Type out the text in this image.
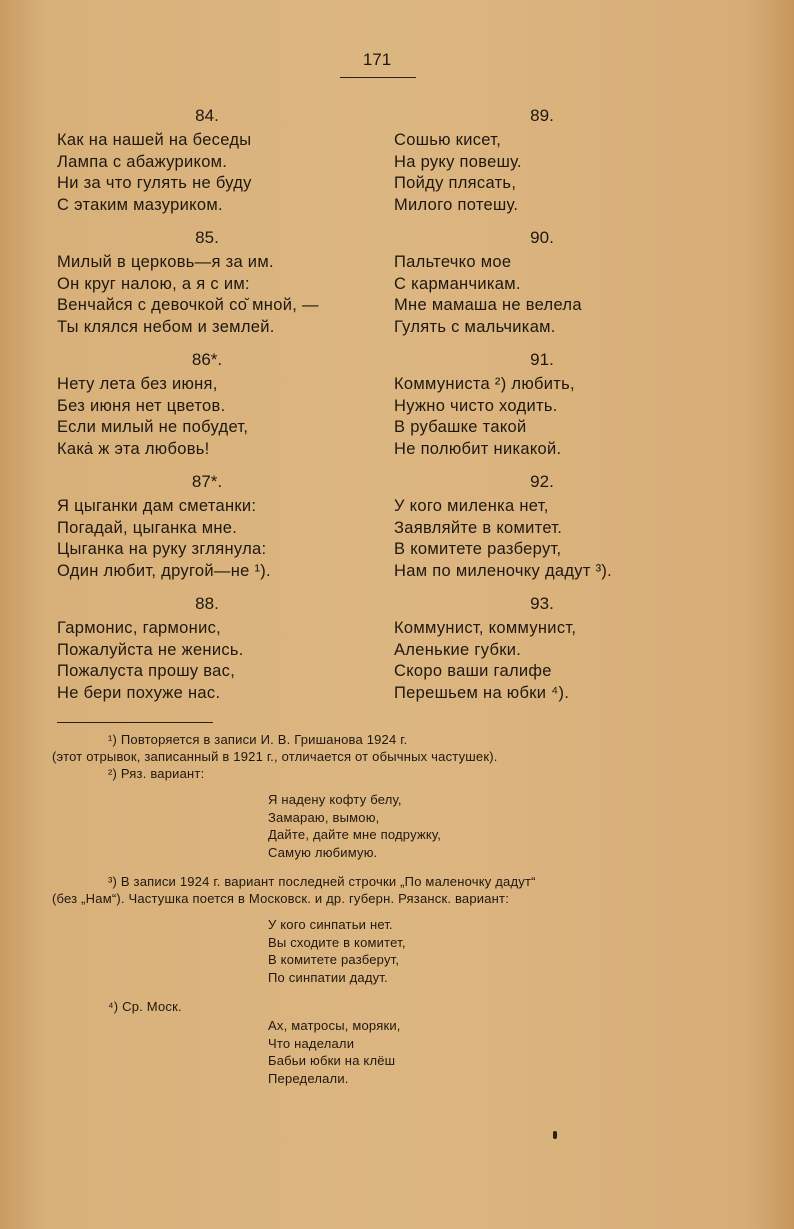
171
84.
Как на нашей на беседы
Лампа с абажуриком.
Ни за что гулять не буду
С этаким мазуриком.
85.
Милый в церковь—я за им.
Он круг налою, а я с им:
Венчайся с девочкой со̆ мной, —
Ты клялся небом и землей.
86*.
Нету лета без июня,
Без июня нет цветов.
Если милый не побудет,
Какȧ ж эта любовь!
87*.
Я цыганки дам сметанки:
Погадай, цыганка мне.
Цыганка на руку зглянула:
Один любит, другой—не ¹).
88.
Гармонис, гармонис,
Пожалуйста не женись.
Пожалуста прошу вас,
Не бери похуже нас.
89.
Сошью кисет,
На руку повешу.
Пойду плясать,
Милого потешу.
90.
Пальтечко мое
С карманчикам.
Мне мамаша не велела
Гулять с мальчикам.
91.
Коммуниста ²) любить,
Нужно чисто ходить.
В рубашке такой
Не полюбит никакой.
92.
У кого миленка нет,
Заявляйте в комитет.
В комитете разберут,
Нам по миленочку дадут ³).
93.
Коммунист, коммунист,
Аленькие губки.
Скоро ваши галифе
Перешьем на юбки ⁴).
¹) Повторяется в записи И. В. Гришанова 1924 г.
(этот отрывок, записанный в 1921 г., отличается от обычных частушек).
²) Ряз. вариант:
Я надену кофту белу,
Замараю, вымою,
Дайте, дайте мне подружку,
Самую любимую.
³) В записи 1924 г. вариант последней строчки „По маленочку дадут“
(без „Нам“). Частушка поется в Московск. и др. губерн. Рязанск. вариант:
У кого синпатьи нет.
Вы сходите в комитет,
В комитете разберут,
По синпатии дадут.
⁴) Ср. Моск.
Ах, матросы, моряки,
Что наделали
Бабьи юбки на клёш
Переделали.
